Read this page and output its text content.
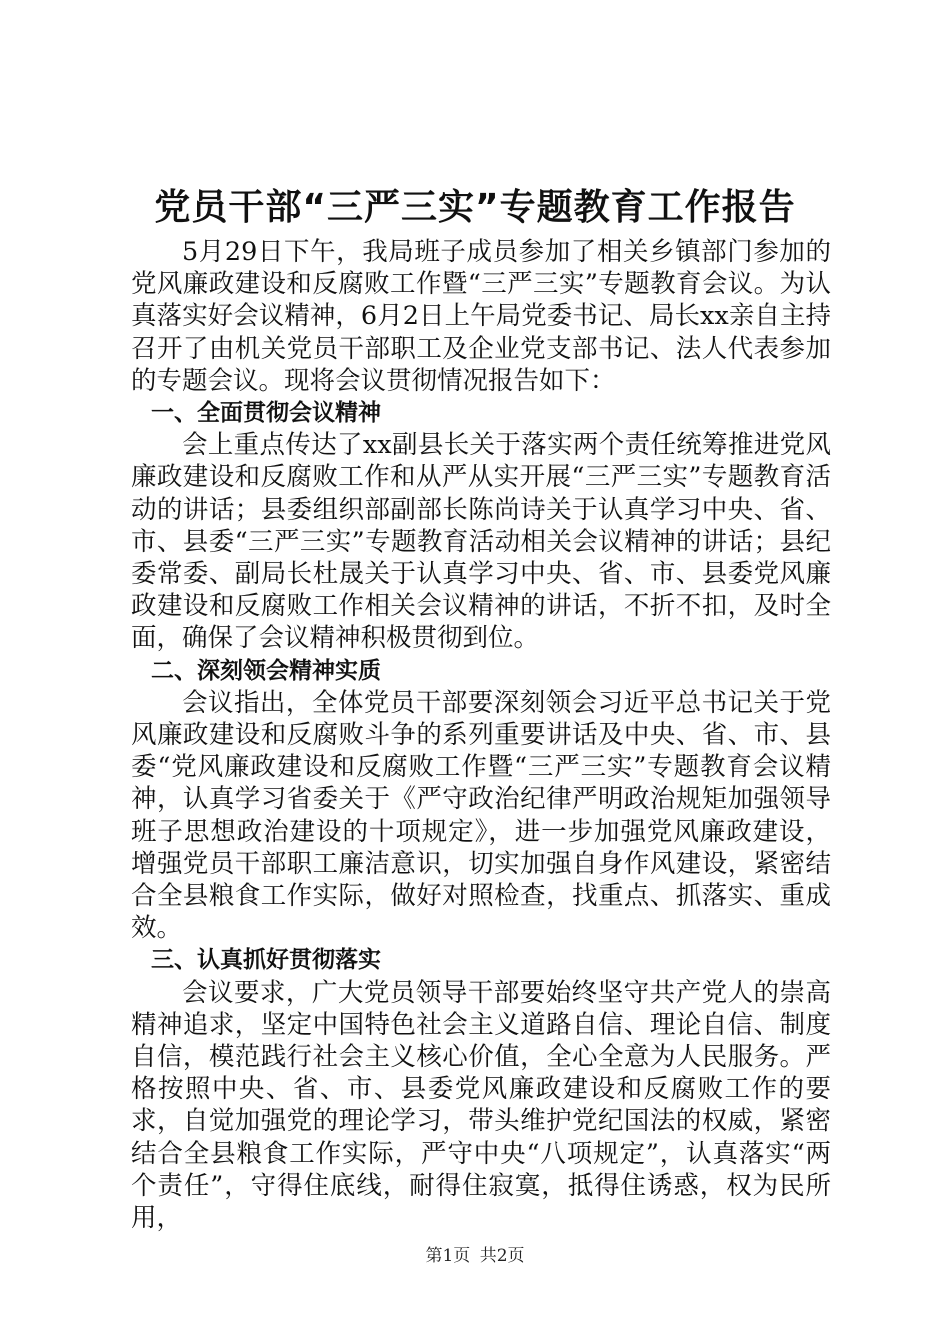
党员干部“三严三实”专题教育工作报告

5月29日下午，我局班子成员参加了相关乡镇部门参加的党风廉政建设和反腐败工作暨“三严三实”专题教育会议。为认真落实好会议精神，6月2日上午局党委书记、局长xx亲自主持召开了由机关党员干部职工及企业党支部书记、法人代表参加的专题会议。现将会议贯彻情况报告如下：

一、全面贯彻会议精神

会上重点传达了xx副县长关于落实两个责任统筹推进党风廉政建设和反腐败工作和从严从实开展“三严三实”专题教育活动的讲话；县委组织部副部长陈尚诗关于认真学习中央、省、市、县委“三严三实”专题教育活动相关会议精神的讲话；县纪委常委、副局长杜晟关于认真学习中央、省、市、县委党风廉政建设和反腐败工作相关会议精神的讲话，不折不扣，及时全面，确保了会议精神积极贯彻到位。

二、深刻领会精神实质

会议指出，全体党员干部要深刻领会习近平总书记关于党风廉政建设和反腐败斗争的系列重要讲话及中央、省、市、县委“党风廉政建设和反腐败工作暨“三严三实”专题教育会议精神，认真学习省委关于《严守政治纪律严明政治规矩加强领导班子思想政治建设的十项规定》，进一步加强党风廉政建设，增强党员干部职工廉洁意识，切实加强自身作风建设，紧密结合全县粮食工作实际，做好对照检查，找重点、抓落实、重成效。

三、认真抓好贯彻落实

会议要求，广大党员领导干部要始终坚守共产党人的崇高精神追求，坚定中国特色社会主义道路自信、理论自信、制度自信，模范践行社会主义核心价值，全心全意为人民服务。严格按照中央、省、市、县委党风廉政建设和反腐败工作的要求，自觉加强党的理论学习，带头维护党纪国法的权威，紧密结合全县粮食工作实际，严守中央“八项规定”，认真落实“两个责任”，守得住底线，耐得住寂寞，抵得住诱惑，权为民所用，

第1页 共2页
